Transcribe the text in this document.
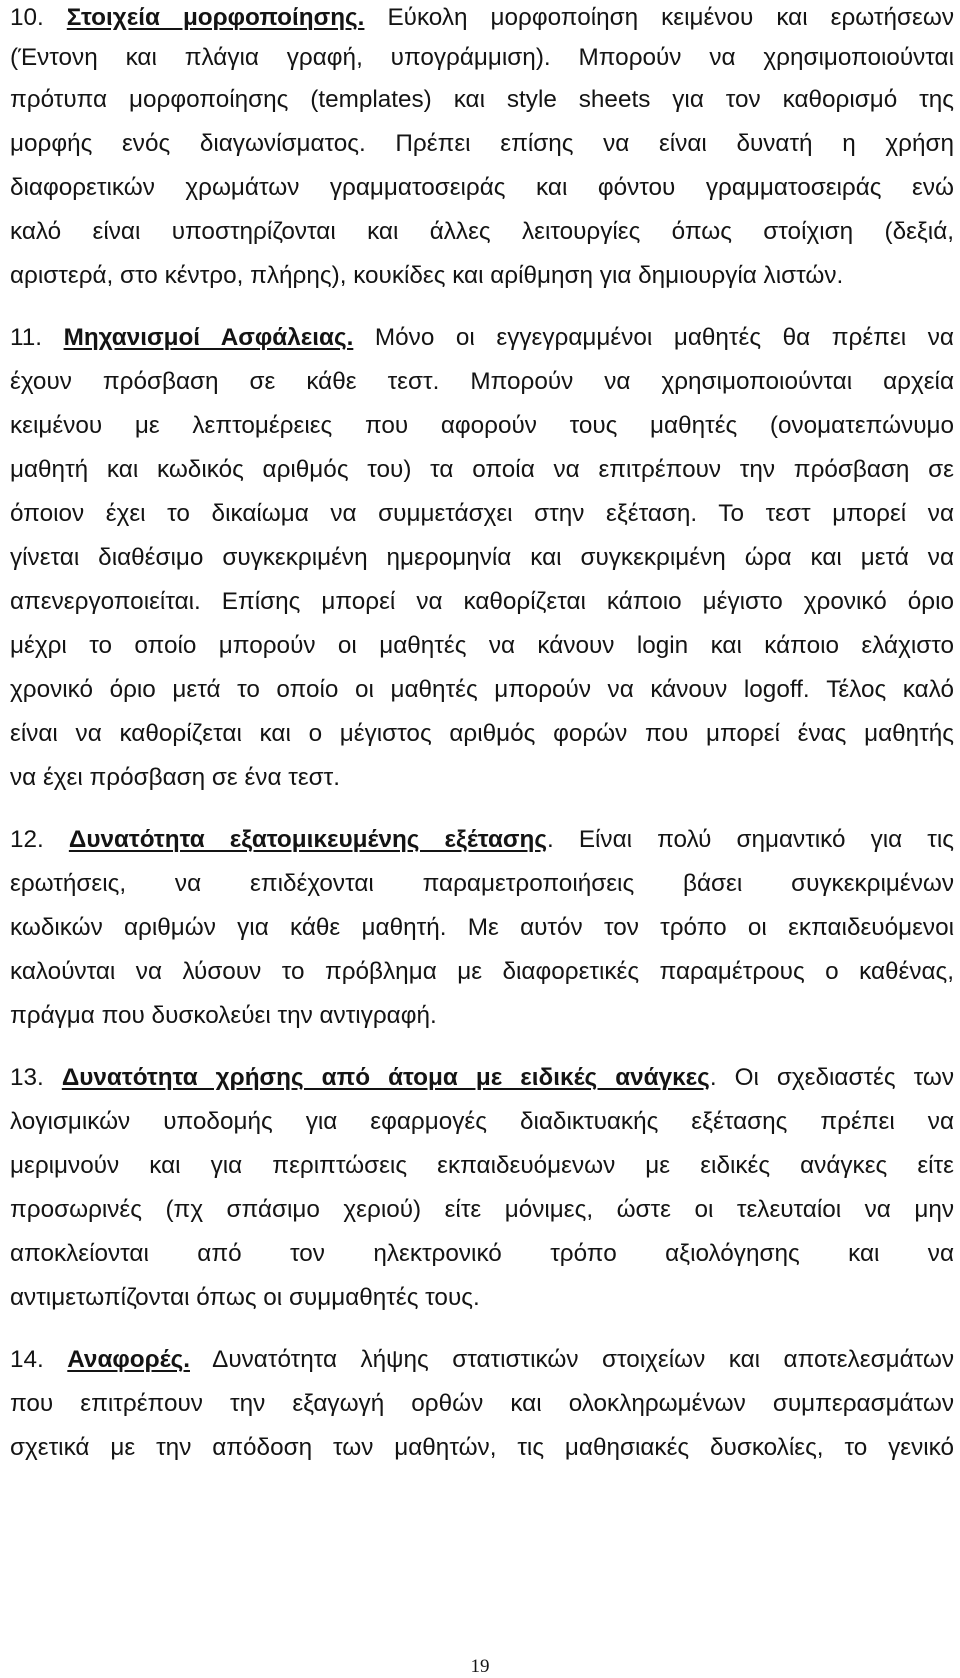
10. Στοιχεία μορφοποίησης. Εύκολη μορφοποίηση κειμένου και ερωτήσεων
(Έντονη και πλάγια γραφή, υπογράμμιση). Μπορούν να χρησιμοποιούνται
πρότυπα μορφοποίησης (templates) και style sheets για τον καθορισμό της
μορφής ενός διαγωνίσματος. Πρέπει επίσης να είναι δυνατή η χρήση
διαφορετικών χρωμάτων γραμματοσειράς και φόντου γραμματοσειράς ενώ
καλό είναι υποστηρίζονται και άλλες λειτουργίες όπως στοίχιση (δεξιά,
αριστερά, στο κέντρο, πλήρης), κουκίδες και αρίθμηση για δημιουργία λιστών.
11. Μηχανισμοί Ασφάλειας. Μόνο οι εγγεγραμμένοι μαθητές θα πρέπει να
έχουν πρόσβαση σε κάθε τεστ. Μπορούν να χρησιμοποιούνται αρχεία
κειμένου με λεπτομέρειες που αφορούν τους μαθητές (ονοματεπώνυμο
μαθητή και κωδικός αριθμός του) τα οποία να επιτρέπουν την πρόσβαση σε
όποιον έχει το δικαίωμα να συμμετάσχει στην εξέταση. Το τεστ μπορεί να
γίνεται διαθέσιμο συγκεκριμένη ημερομηνία και συγκεκριμένη ώρα και μετά να
απενεργοποιείται. Επίσης μπορεί να καθορίζεται κάποιο μέγιστο χρονικό όριο
μέχρι το οποίο μπορούν οι μαθητές να κάνουν login και κάποιο ελάχιστο
χρονικό όριο μετά το οποίο οι μαθητές μπορούν να κάνουν logoff. Τέλος καλό
είναι να καθορίζεται και ο μέγιστος αριθμός φορών που μπορεί ένας μαθητής
να έχει πρόσβαση σε ένα τεστ.
12. Δυνατότητα εξατομικευμένης εξέτασης. Είναι πολύ σημαντικό για τις
ερωτήσεις, να επιδέχονται παραμετροποιήσεις βάσει συγκεκριμένων
κωδικών αριθμών για κάθε μαθητή. Με αυτόν τον τρόπο οι εκπαιδευόμενοι
καλούνται να λύσουν το πρόβλημα με διαφορετικές παραμέτρους ο καθένας,
πράγμα που δυσκολεύει την αντιγραφή.
13. Δυνατότητα χρήσης από άτομα με ειδικές ανάγκες. Οι σχεδιαστές των
λογισμικών υποδομής για εφαρμογές διαδικτυακής εξέτασης πρέπει να
μεριμνούν και για περιπτώσεις εκπαιδευόμενων με ειδικές ανάγκες είτε
προσωρινές (πχ σπάσιμο χεριού) είτε μόνιμες, ώστε οι τελευταίοι να μην
αποκλείονται από τον ηλεκτρονικό τρόπο αξιολόγησης και να
αντιμετωπίζονται όπως οι συμμαθητές τους.
14. Αναφορές. Δυνατότητα λήψης στατιστικών στοιχείων και αποτελεσμάτων
που επιτρέπουν την εξαγωγή ορθών και ολοκληρωμένων συμπερασμάτων
σχετικά με την απόδοση των μαθητών, τις μαθησιακές δυσκολίες, το γενικό
19
